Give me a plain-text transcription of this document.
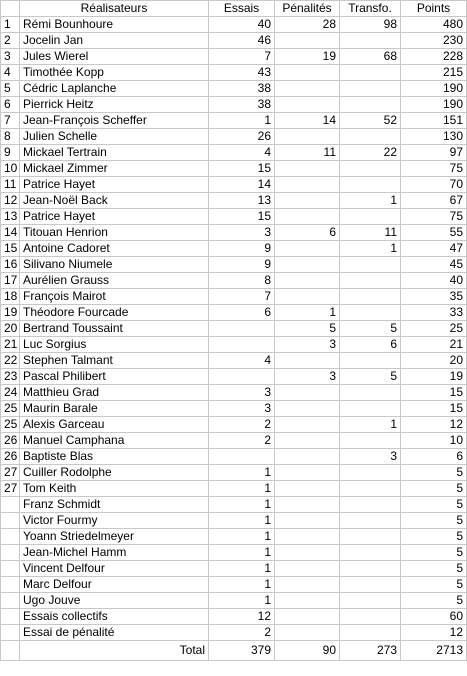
	Réalisateurs	Essais	Pénalités	Transfo.	Points
1	Rémi Bounhoure	40	28	98	480
2	Jocelin Jan	46			230
3	Jules Wierel	7	19	68	228
4	Timothée Kopp	43			215
5	Cédric Laplanche	38			190
6	Pierrick Heitz	38			190
7	Jean-François Scheffer	1	14	52	151
8	Julien Schelle	26			130
9	Mickael Tertrain	4	11	22	97
10	Mickael Zimmer	15			75
11	Patrice Hayet	14			70
12	Jean-Noël Back	13		1	67
13	Patrice Hayet	15			75
14	Titouan Henrion	3	6	11	55
15	Antoine Cadoret	9		1	47
16	Silivano Niumele	9			45
17	Aurélien Grauss	8			40
18	François Mairot	7			35
19	Théodore Fourcade	6	1		33
20	Bertrand Toussaint		5	5	25
21	Luc Sorgius		3	6	21
22	Stephen Talmant	4			20
23	Pascal Philibert		3	5	19
24	Matthieu Grad	3			15
25	Maurin Barale	3			15
25	Alexis Garceau	2		1	12
26	Manuel Camphana	2			10
26	Baptiste Blas			3	6
27	Cuiller Rodolphe	1			5
27	Tom Keith	1			5
	Franz Schmidt	1			5
	Victor Fourmy	1			5
	Yoann Striedelmeyer	1			5
	Jean-Michel Hamm	1			5
	Vincent Delfour	1			5
	Marc Delfour	1			5
	Ugo Jouve	1			5
	Essais collectifs	12			60
	Essai de pénalité	2			12
	Total	379	90	273	2713
